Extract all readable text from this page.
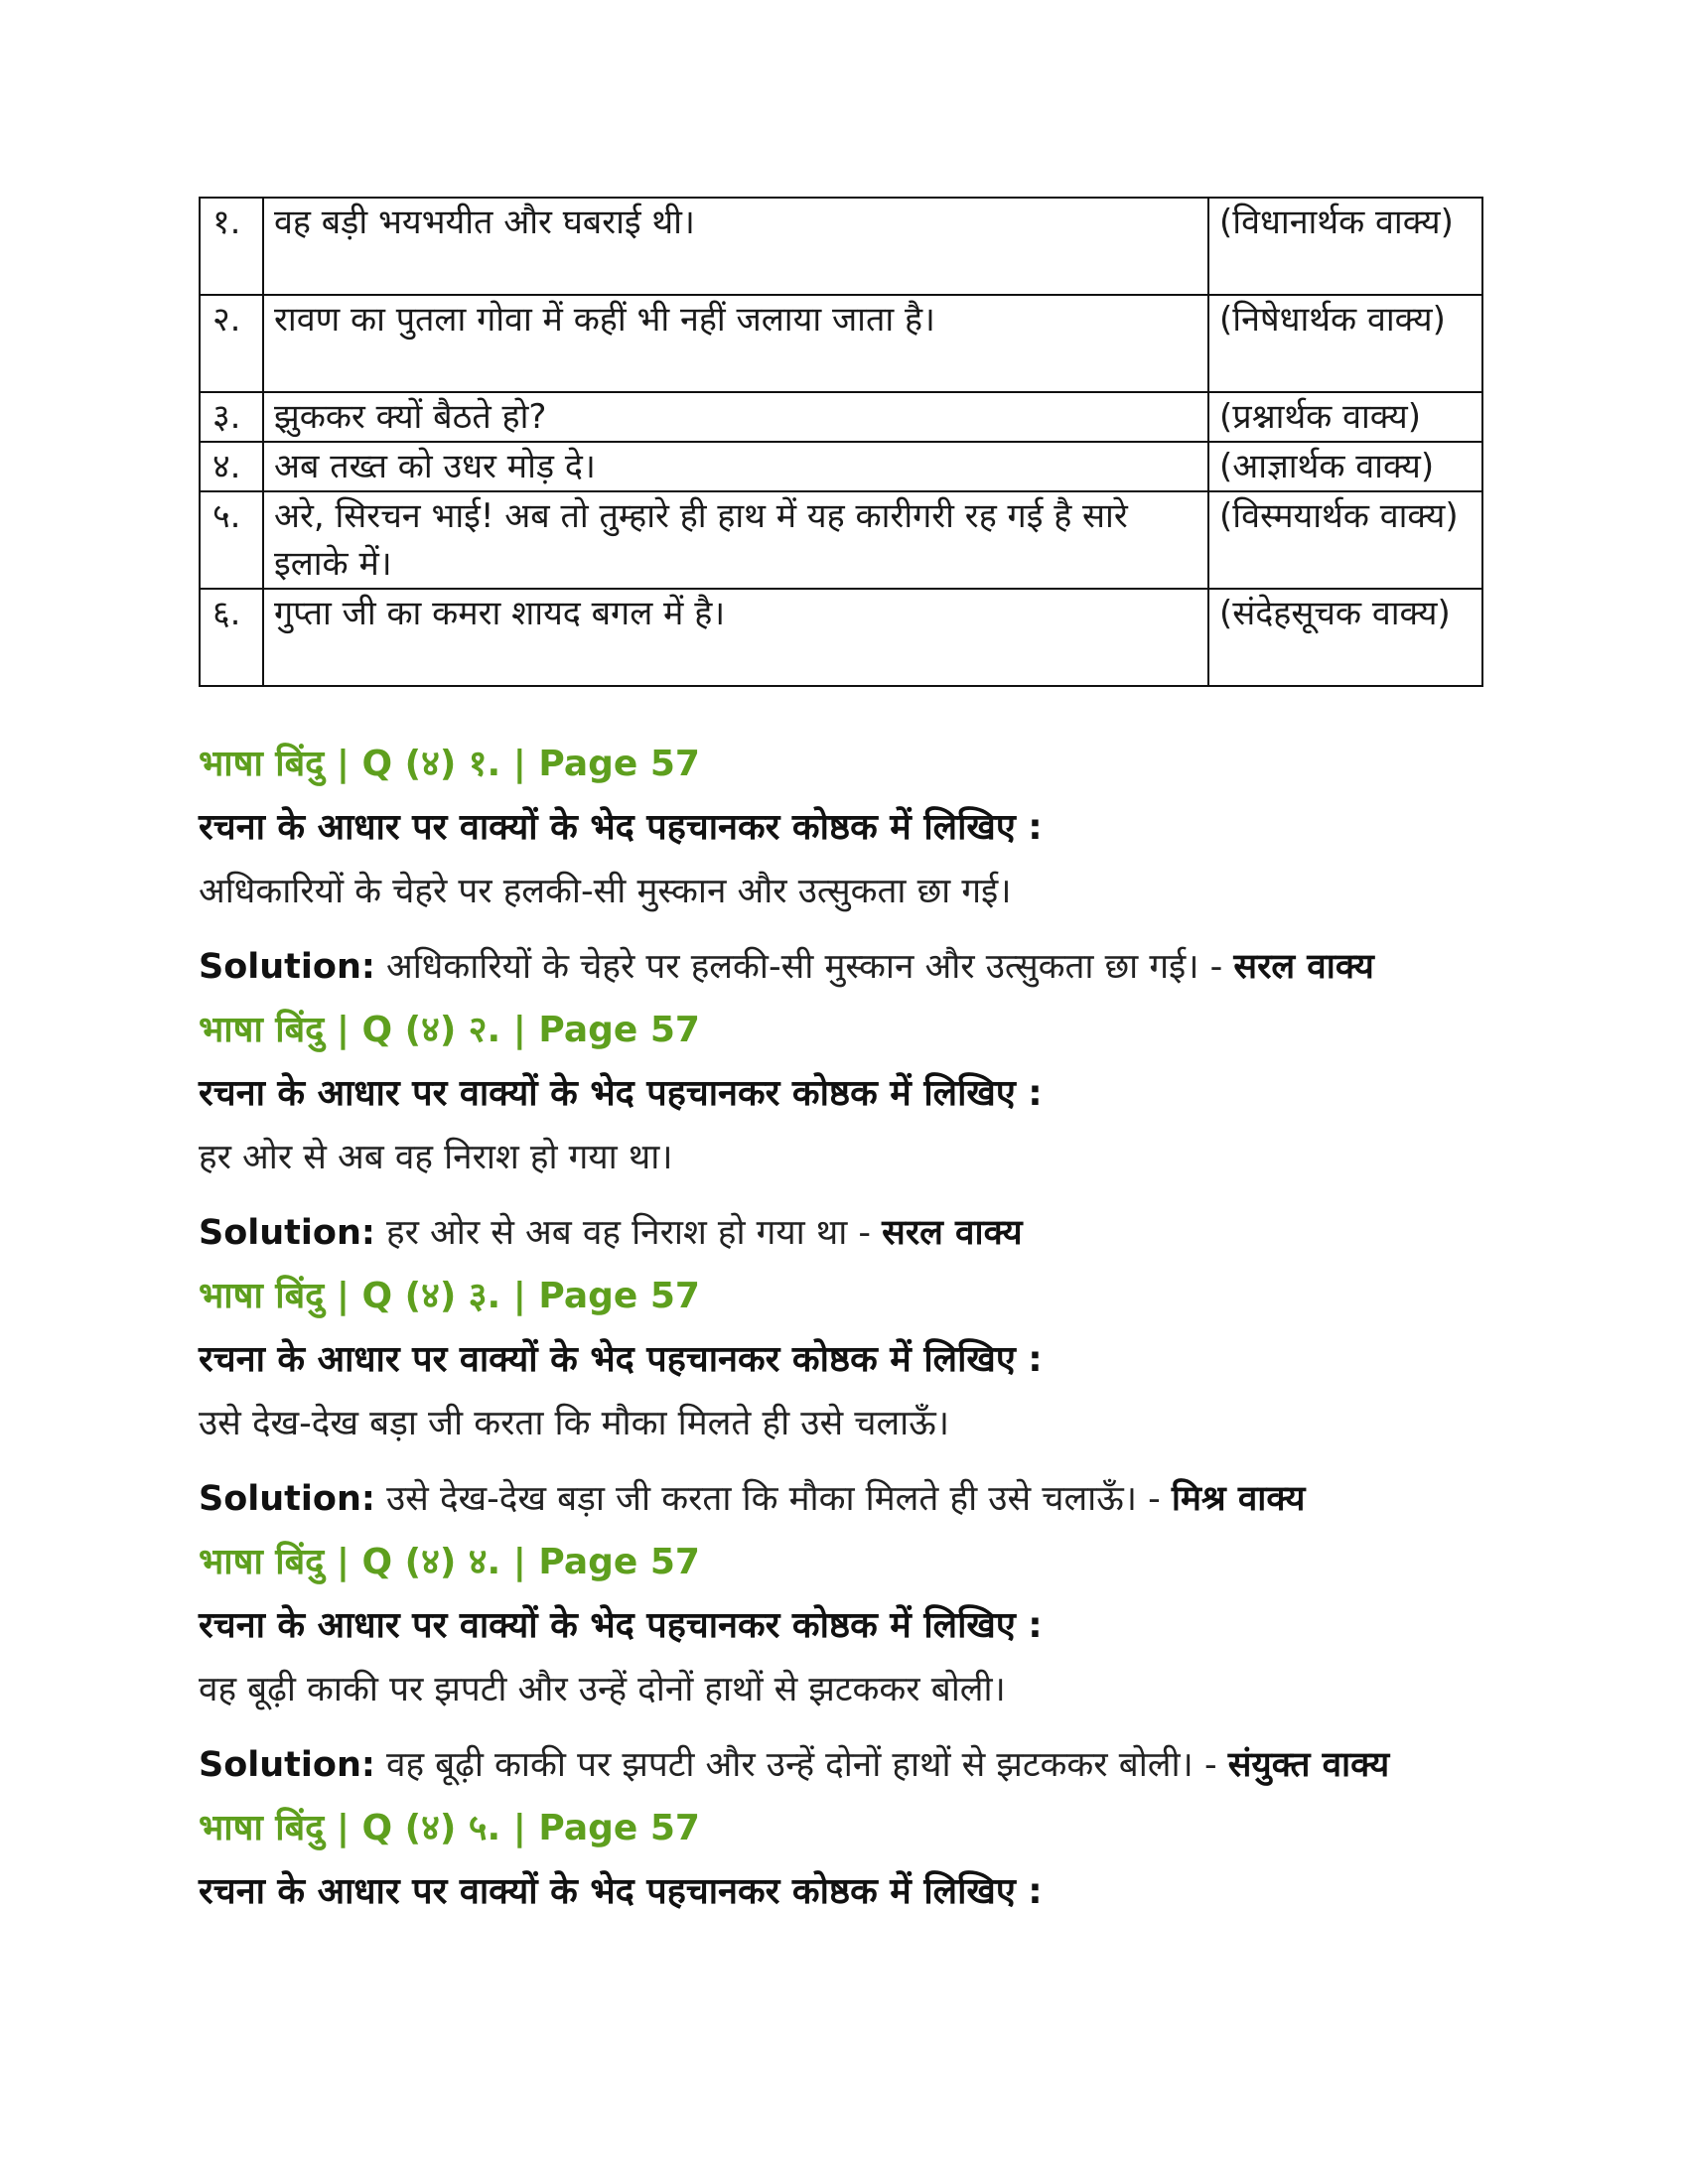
१.	वह बड़ी भयभयीत और घबराई थी।	(विधानार्थक वाक्य)
२.	रावण का पुतला गोवा में कहीं भी नहीं जलाया जाता है।	(निषेधार्थक वाक्य)
३.	झुककर क्यों बैठते हो?	(प्रश्नार्थक वाक्य)
४.	अब तख्त को उधर मोड़ दे।	(आज्ञार्थक वाक्य)
५.	अरे, सिरचन भाई! अब तो तुम्हारे ही हाथ में यह कारीगरी रह गई है सारे इलाके में।	(विस्मयार्थक वाक्य)
६.	गुप्ता जी का कमरा शायद बगल में है।	(संदेहसूचक वाक्य)
भाषा बिंदु | Q (४) १. | Page 57
रचना के आधार पर वाक्यों के भेद पहचानकर कोष्ठक में लिखिए :
अधिकारियों के चेहरे पर हलकी-सी मुस्कान और उत्सुकता छा गई।
Solution: अधिकारियों के चेहरे पर हलकी-सी मुस्कान और उत्सुकता छा गई। - सरल वाक्य
भाषा बिंदु | Q (४) २. | Page 57
रचना के आधार पर वाक्यों के भेद पहचानकर कोष्ठक में लिखिए :
हर ओर से अब वह निराश हो गया था।
Solution: हर ओर से अब वह निराश हो गया था - सरल वाक्य
भाषा बिंदु | Q (४) ३. | Page 57
रचना के आधार पर वाक्यों के भेद पहचानकर कोष्ठक में लिखिए :
उसे देख-देख बड़ा जी करता कि मौका मिलते ही उसे चलाऊँ।
Solution: उसे देख-देख बड़ा जी करता कि मौका मिलते ही उसे चलाऊँ। - मिश्र वाक्य
भाषा बिंदु | Q (४) ४. | Page 57
रचना के आधार पर वाक्यों के भेद पहचानकर कोष्ठक में लिखिए :
वह बूढ़ी काकी पर झपटी और उन्हें दोनों हाथों से झटककर बोली।
Solution: वह बूढ़ी काकी पर झपटी और उन्हें दोनों हाथों से झटककर बोली। - संयुक्त वाक्य
भाषा बिंदु | Q (४) ५. | Page 57
रचना के आधार पर वाक्यों के भेद पहचानकर कोष्ठक में लिखिए :
